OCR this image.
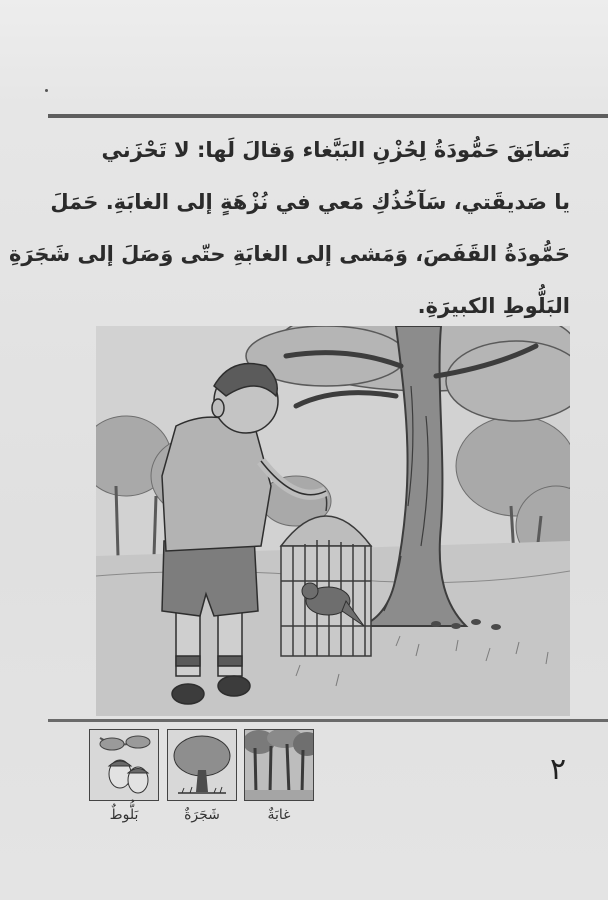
تَضايَقَ حَمُّودَةُ لِحُزْنِ البَبَّغاء وَقالَ لَها: لا تَحْزَني
يا صَديقَتي، سَآخُذُكِ مَعي في نُزْهَةٍ إلى الغابَةِ. حَمَلَ
حَمُّودَةُ القَفَصَ، وَمَشى إلى الغابَةِ حتّى وَصَلَ إلى شَجَرَةِ
البَلُّوطِ الكبيرَةِ.
٢
بَلُّوطٌ	شَجَرَةٌ	غابَةٌ
